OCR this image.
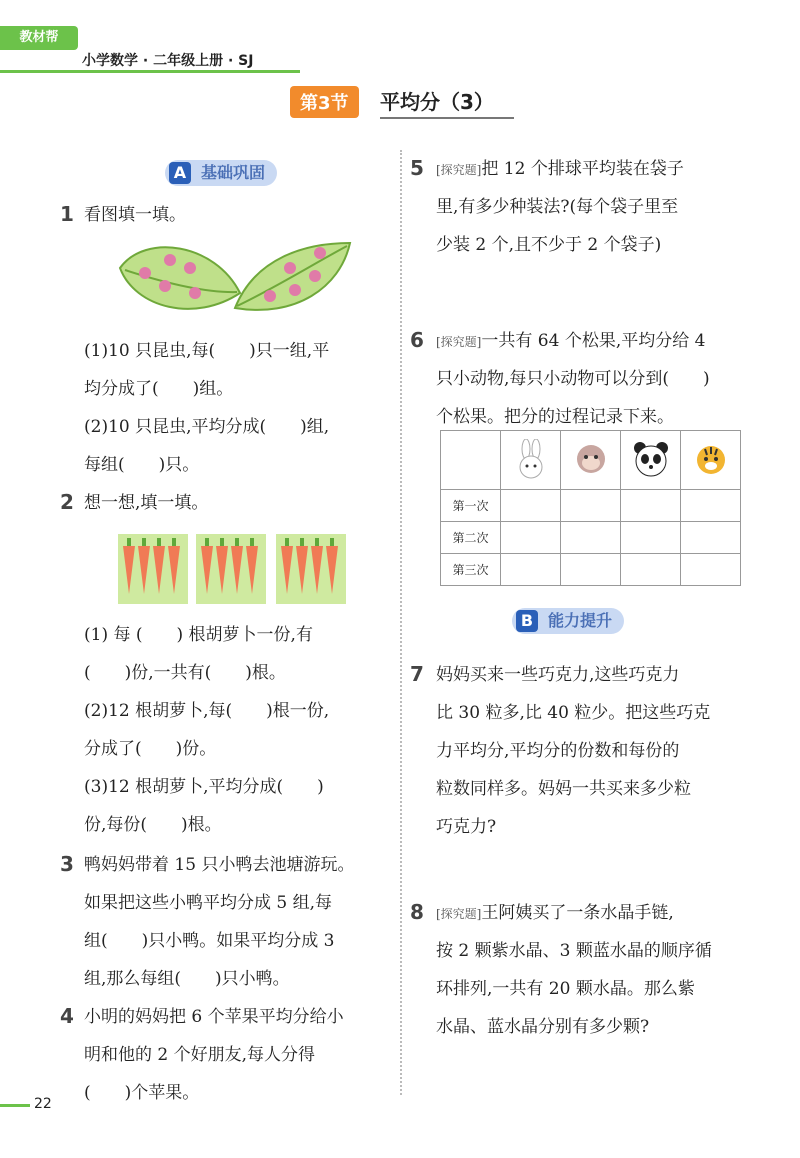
教材帮
小学数学 · 二年级上册 · SJ
第3节	平均分（3）
A 基础巩固
1 看图填一填。
(1)10 只昆虫,每(　　)只一组,平
均分成了(　　)组。
(2)10 只昆虫,平均分成(　　)组,
每组(　　)只。
2 想一想,填一填。
(1) 每 (　　) 根胡萝卜一份,有
(　　)份,一共有(　　)根。
(2)12 根胡萝卜,每(　　)根一份,
分成了(　　)份。
(3)12 根胡萝卜,平均分成(　　)
份,每份(　　)根。
3 鸭妈妈带着 15 只小鸭去池塘游玩。
如果把这些小鸭平均分成 5 组,每
组(　　)只小鸭。如果平均分成 3
组,那么每组(　　)只小鸭。
4 小明的妈妈把 6 个苹果平均分给小
明和他的 2 个好朋友,每人分得
(　　)个苹果。
5 [探究题]把 12 个排球平均装在袋子
里,有多少种装法?(每个袋子里至
少装 2 个,且不少于 2 个袋子)
6 [探究题]一共有 64 个松果,平均分给 4
只小动物,每只小动物可以分到(　　)
个松果。把分的过程记录下来。

第一次				
第二次				
第三次				
B 能力提升
7 妈妈买来一些巧克力,这些巧克力
比 30 粒多,比 40 粒少。把这些巧克
力平均分,平均分的份数和每份的
粒数同样多。妈妈一共买来多少粒
巧克力?
8 [探究题]王阿姨买了一条水晶手链,
按 2 颗紫水晶、3 颗蓝水晶的顺序循
环排列,一共有 20 颗水晶。那么紫
水晶、蓝水晶分别有多少颗?
22
